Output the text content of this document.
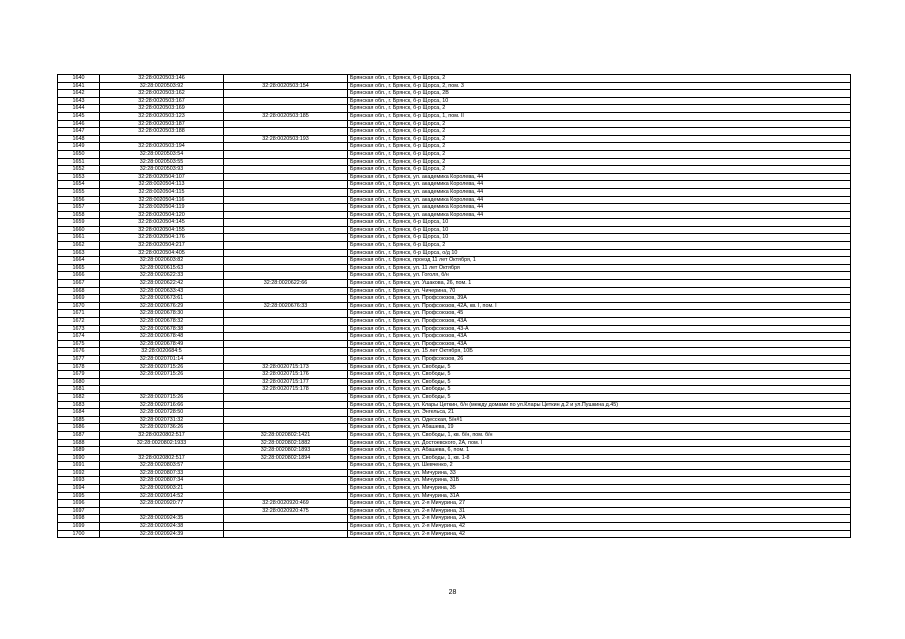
1640	32:28:0020503:146		Брянская обл., г. Брянск, б-р Щорса, 2
1641	32:28:0020503:92	32:28:0020503:154	Брянская обл., г. Брянск, б-р Щорса, 2, пом. 3
1642	32:28:0020503:162		Брянская обл., г. Брянск, б-р Щорса, 2В
1643	32:28:0020503:167		Брянская обл., г. Брянск, б-р Щорса, 10
1644	32:28:0020503:169		Брянская обл., г. Брянск, б-р Щорса, 2
1645	32:28:0020503:123	32:28:0020503:185	Брянская обл., г. Брянск, б-р Щорса, 1, пом. II
1646	32:28:0020503:187		Брянская обл., г. Брянск, б-р Щорса, 2
1647	32:28:0020503:188		Брянская обл., г. Брянск, б-р Щорса, 2
1648		32:28:0020503:193	Брянская обл., г. Брянск, б-р Щорса, 2
1649	32:28:0020503:194		Брянская обл., г. Брянск, б-р Щорса, 2
1650	32:28:0020503:54		Брянская обл., г. Брянск, б-р Щорса, 2
1651	32:28:0020503:55		Брянская обл., г. Брянск, б-р Щорса, 2
1652	32:28:0020503:93		Брянская обл., г. Брянск, б-р Щорса, 2
1653	32:28:0020504:107		Брянская обл., г. Брянск, ул. академика Королева, 44
1654	32:28:0020504:113		Брянская обл., г. Брянск, ул. академика Королева, 44
1655	32:28:0020504:115		Брянская обл., г. Брянск, ул. академика Королева, 44
1656	32:28:0020504:116		Брянская обл., г. Брянск, ул. академика Королева, 44
1657	32:28:0020504:119		Брянская обл., г. Брянск, ул. академика Королева, 44
1658	32:28:0020504:120		Брянская обл., г. Брянск, ул. академика Королева, 44
1659	32:28:0020504:145		Брянская обл., г. Брянск, б-р Щорса, 10
1660	32:28:0020504:155		Брянская обл., г. Брянск, б-р Щорса, 10
1661	32:28:0020504:176		Брянская обл., г. Брянск, б-р Щорса, 10
1662	32:28:0020504:217		Брянская обл., г. Брянск, б-р Щорса, 2
1663	32:28:0020504:405		Брянская обл., г. Брянск, б-р Щорса, о/д 10
1664	32:28:0020603:82		Брянская обл., г. Брянск, проезд 11 лет Октября, 1
1665	32:28:0020615:63		Брянская обл., г. Брянск, ул. 11 лет Октября
1666	32:28:0020622:33		Брянская обл., г. Брянск, ул. Гоголя, б/н
1667	32:28:0020622:42	32:28:0020622:66	Брянская обл., г. Брянск, ул. Ушакова, 26, пом. 1
1668	32:28:0020633:43		Брянская обл., г. Брянск, ул. Чичерина, 70
1669	32:28:0020673:61		Брянская обл., г. Брянск, ул. Профсоюзов, 39А
1670	32:28:0020676:29	32:28:0020676:33	Брянская обл., г. Брянск, ул. Профсоюзов, 42А, кв. I, пом. I
1671	32:28:0020678:30		Брянская обл., г. Брянск, ул. Профсоюзов, 45
1672	32:28:0020678:32		Брянская обл., г. Брянск, ул. Профсоюзов, 43А
1673	32:28:0020678:38		Брянская обл., г. Брянск, ул. Профсоюзов, 43-А
1674	32:28:0020678:48		Брянская обл., г. Брянск, ул. Профсоюзов, 43А
1675	32:28:0020678:49		Брянская обл., г. Брянск, ул. Профсоюзов, 43А
1676	32:28:0020684:5		Брянская обл., г. Брянск, ул. 15 лет Октября, 10Б
1677	32:28:0020701:14		Брянская обл., г. Брянск, ул. Профсоюзов, 26
1678	32:28:0020715:26	32:28:0020715:173	Брянская обл., г. Брянск, ул. Свободы, 5
1679	32:28:0020715:26	32:28:0020715:176	Брянская обл., г. Брянск, ул. Свободы, 5
1680		32:28:0020715:177	Брянская обл., г. Брянск, ул. Свободы, 5
1681		32:28:0020715:178	Брянская обл., г. Брянск, ул. Свободы, 5
1682	32:28:0020715:26		Брянская обл., г. Брянск, ул. Свободы, 5
1683	32:28:0020716:66		Брянская обл., г. Брянск, ул. Клары Цеткин, б/н (между домами по ул.Клары Цеткин д.2 и ул.Пушкина д.45)
1684	32:28:0020728:50		Брянская обл., г. Брянск, ул. Энгельса, 21
1685	32:28:0020731:32		Брянская обл., г. Брянск, ул. Одесская, 5/н#1
1686	32:28:0020736:26		Брянская обл., г. Брянск, ул. Абашева, 19
1687	32:28:0020802:517	32:28:0020802:1421	Брянская обл., г. Брянск, ул. Свободы, 1, кв. б/н, пом. б/н
1688	32:28:0020802:1933	32:28:0020802:1882	Брянская обл., г. Брянск, ул. Достоевского, 2А, пом. I
1689		32:28:0020802:1893	Брянская обл., г. Брянск, ул. Абашева, 6, пом. 1
1690	32:28:0020802:517	32:28:0020802:1894	Брянская обл., г. Брянск, ул. Свободы, 1, кв. 1-8
1691	32:28:0020803:57		Брянская обл., г. Брянск, ул. Шевченко, 2
1692	32:28:0020807:33		Брянская обл., г. Брянск, ул. Мичурина, 33
1693	32:28:0020807:34		Брянская обл., г. Брянск, ул. Мичурина, 31Б
1694	32:28:0020903:21		Брянская обл., г. Брянск, ул. Мичурина, 35
1695	32:28:0020914:52		Брянская обл., г. Брянск, ул. Мичурина, 31А
1696	32:28:0020920:77	32:28:0020920:469	Брянская обл., г. Брянск, ул. 2-я Мичурина, 27
1697		32:28:0020920:475	Брянская обл., г. Брянск, ул. 2-я Мичурина, 31
1698	32:28:0020924:35		Брянская обл., г. Брянск, ул. 2-я Мичурина, 2А
1699	32:28:0020924:38		Брянская обл., г. Брянск, ул. 2-я Мичурина, 42
1700	32:28:0020924:39		Брянская обл., г. Брянск, ул. 2-я Мичурина, 42
28
